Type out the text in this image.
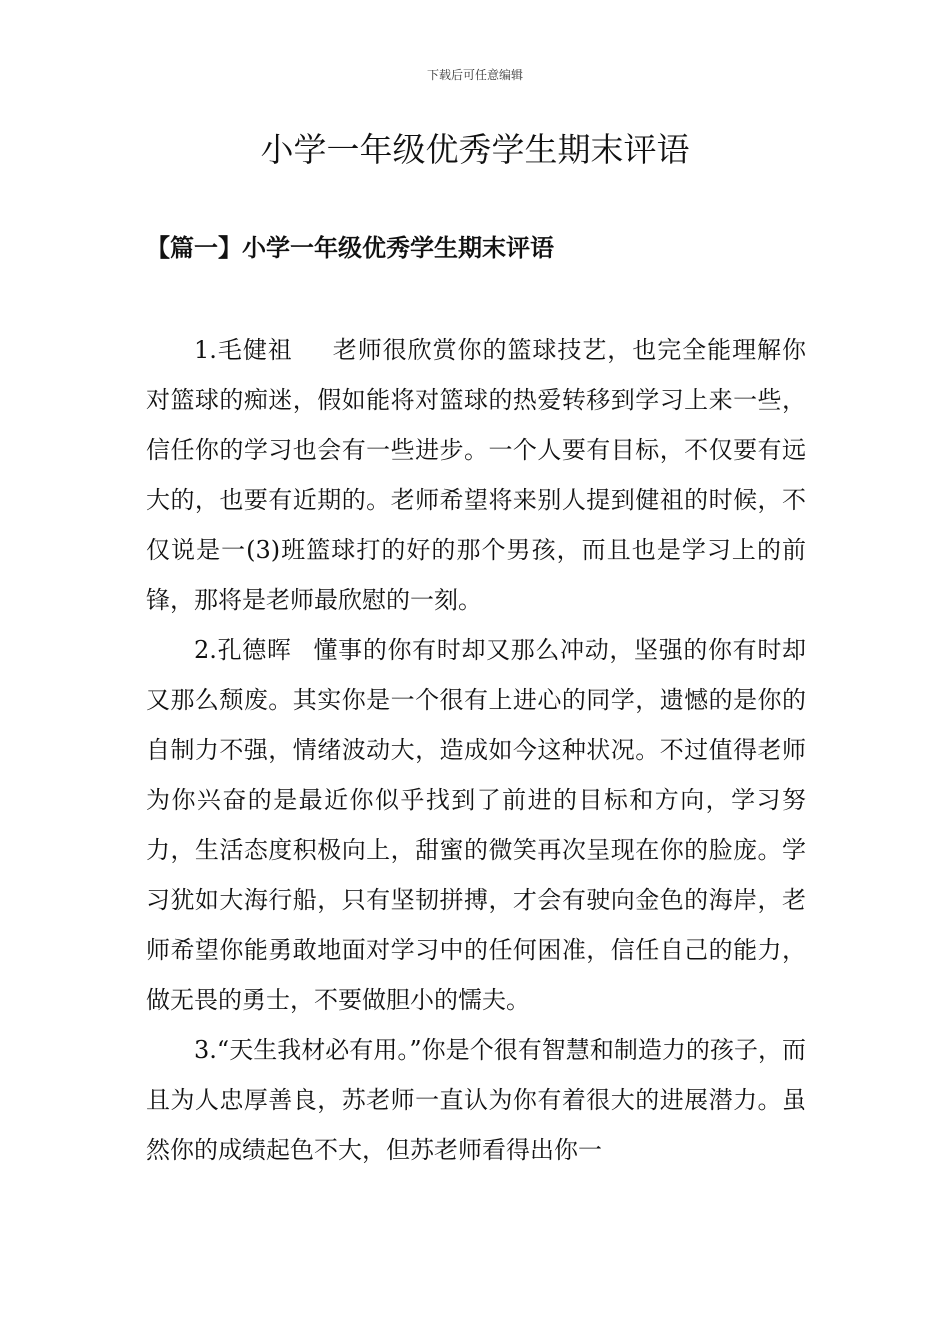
下载后可任意编辑
小学一年级优秀学生期末评语
【篇一】小学一年级优秀学生期末评语

1.毛健祖 老师很欣赏你的篮球技艺，也完全能理解你对篮球的痴迷，假如能将对篮球的热爱转移到学习上来一些，信任你的学习也会有一些进步。一个人要有目标，不仅要有远大的，也要有近期的。老师希望将来别人提到健祖的时候，不仅说是一(3)班篮球打的好的那个男孩，而且也是学习上的前锋，那将是老师最欣慰的一刻。

2.孔德晖 懂事的你有时却又那么冲动，坚强的你有时却又那么颓废。其实你是一个很有上进心的同学，遗憾的是你的自制力不强，情绪波动大，造成如今这种状况。不过值得老师为你兴奋的是最近你似乎找到了前进的目标和方向，学习努力，生活态度积极向上，甜蜜的微笑再次呈现在你的脸庞。学习犹如大海行船，只有坚韧拼搏，才会有驶向金色的海岸，老师希望你能勇敢地面对学习中的任何困准，信任自己的能力，做无畏的勇士，不要做胆小的懦夫。

3.“天生我材必有用。”你是个很有智慧和制造力的孩子，而且为人忠厚善良，苏老师一直认为你有着很大的进展潜力。虽然你的成绩起色不大，但苏老师看得出你一
